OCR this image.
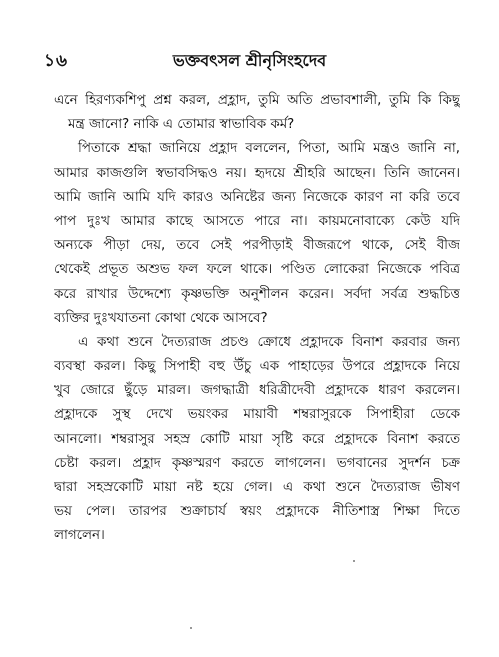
১৬	ভক্তবৎসল শ্রীনৃসিংহদেব
এনে হিরণ্যকশিপু প্রশ্ন করল, প্রহ্লাদ, তুমি অতি প্রভাবশালী, তুমি কি কিছু
মন্ত্র জানো? নাকি এ তোমার স্বাভাবিক কর্ম?
পিতাকে শ্রদ্ধা জানিয়ে প্রহ্লাদ বললেন, পিতা, আমি মন্ত্রও জানি না,
আমার কাজগুলি স্বভাবসিদ্ধও নয়। হৃদয়ে শ্রীহরি আছেন। তিনি জানেন।
আমি জানি আমি যদি কারও অনিষ্টের জন্য নিজেকে কারণ না করি তবে
পাপ দুঃখ আমার কাছে আসতে পারে না। কায়মনোবাক্যে কেউ যদি
অন্যকে পীড়া দেয়, তবে সেই পরপীড়াই বীজরূপে থাকে, সেই বীজ
থেকেই প্রভূত অশুভ ফল ফলে থাকে। পণ্ডিত লোকেরা নিজেকে পবিত্র
করে রাখার উদ্দেশ্যে কৃষ্ণভক্তি অনুশীলন করেন। সর্বদা সর্বত্র শুদ্ধচিত্ত
ব্যক্তির দুঃখযাতনা কোথা থেকে আসবে?
এ কথা শুনে দৈত্যরাজ প্রচণ্ড ক্রোধে প্রহ্লাদকে বিনাশ করবার জন্য
ব্যবস্থা করল। কিছু সিপাহী বহু উঁচু এক পাহাড়ের উপরে প্রহ্লাদকে নিয়ে
খুব জোরে ছুঁড়ে মারল। জগদ্ধাত্রী ধরিত্রীদেবী প্রহ্লাদকে ধারণ করলেন।
প্রহ্লাদকে সুস্থ দেখে ভয়ংকর মায়াবী শম্বরাসুরকে সিপাহীরা ডেকে
আনলো। শম্বরাসুর সহস্র কোটি মায়া সৃষ্টি করে প্রহ্লাদকে বিনাশ করতে
চেষ্টা করল। প্রহ্লাদ কৃষ্ণস্মরণ করতে লাগলেন। ভগবানের সুদর্শন চক্র
দ্বারা সহস্রকোটি মায়া নষ্ট হয়ে গেল। এ কথা শুনে দৈত্যরাজ ভীষণ
ভয় পেল। তারপর শুক্রাচার্য স্বয়ং প্রহ্লাদকে নীতিশাস্ত্র শিক্ষা দিতে
লাগলেন।
